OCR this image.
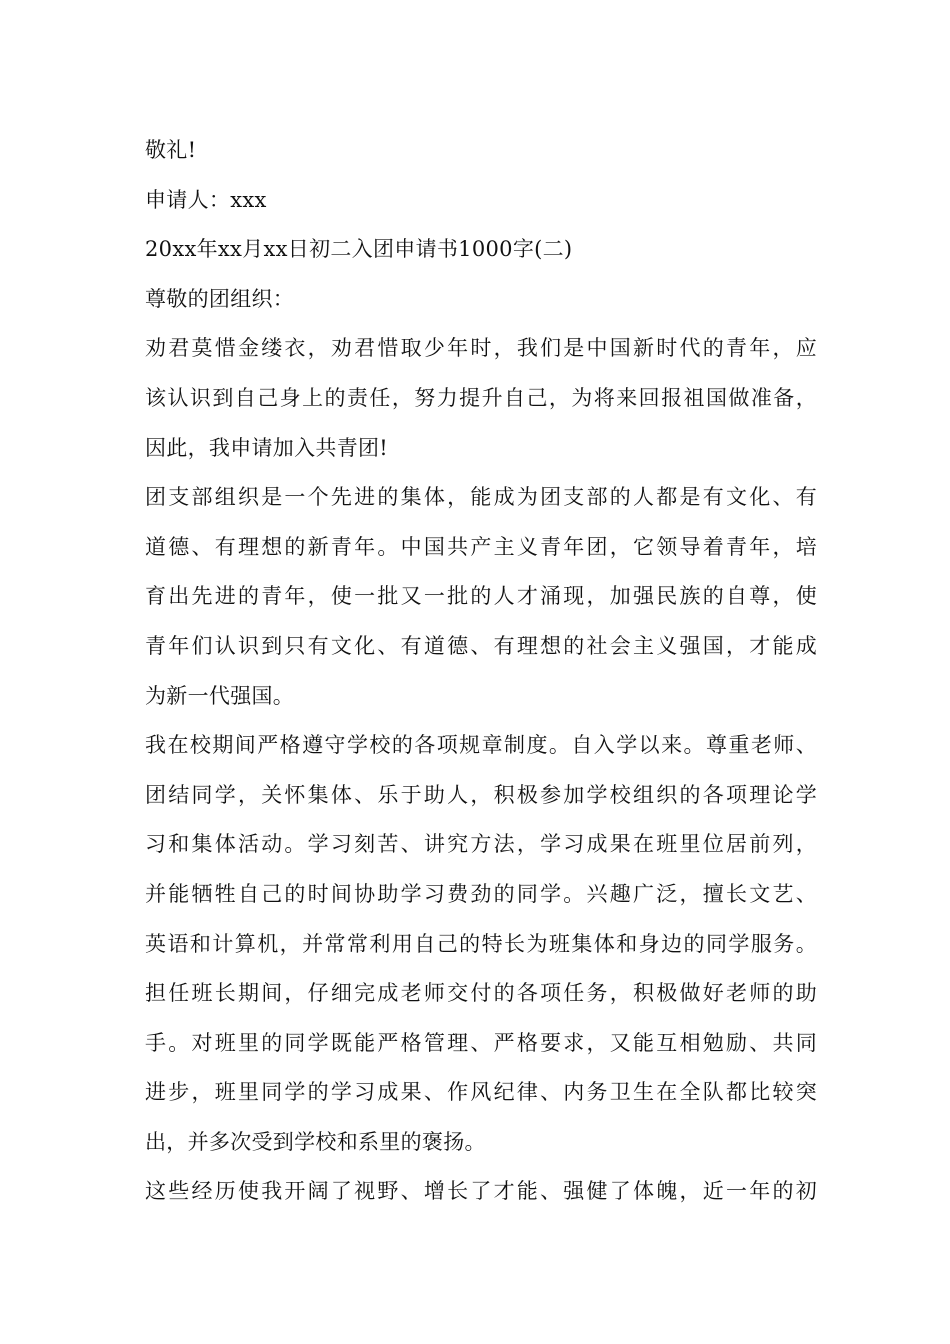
敬礼!
申请人：xxx
20xx年xx月xx日初二入团申请书1000字(二)
尊敬的团组织：
劝君莫惜金缕衣，劝君惜取少年时，我们是中国新时代的青年，应
该认识到自己身上的责任，努力提升自己，为将来回报祖国做准备，
因此，我申请加入共青团!
团支部组织是一个先进的集体，能成为团支部的人都是有文化、有
道德、有理想的新青年。中国共产主义青年团，它领导着青年，培
育出先进的青年，使一批又一批的人才涌现，加强民族的自尊，使
青年们认识到只有文化、有道德、有理想的社会主义强国，才能成
为新一代强国。
我在校期间严格遵守学校的各项规章制度。自入学以来。尊重老师、
团结同学，关怀集体、乐于助人，积极参加学校组织的各项理论学
习和集体活动。学习刻苦、讲究方法，学习成果在班里位居前列，
并能牺牲自己的时间协助学习费劲的同学。兴趣广泛，擅长文艺、
英语和计算机，并常常利用自己的特长为班集体和身边的同学服务。
担任班长期间，仔细完成老师交付的各项任务，积极做好老师的助
手。对班里的同学既能严格管理、严格要求，又能互相勉励、共同
进步，班里同学的学习成果、作风纪律、内务卫生在全队都比较突
出，并多次受到学校和系里的褒扬。
这些经历使我开阔了视野、增长了才能、强健了体魄，近一年的初
